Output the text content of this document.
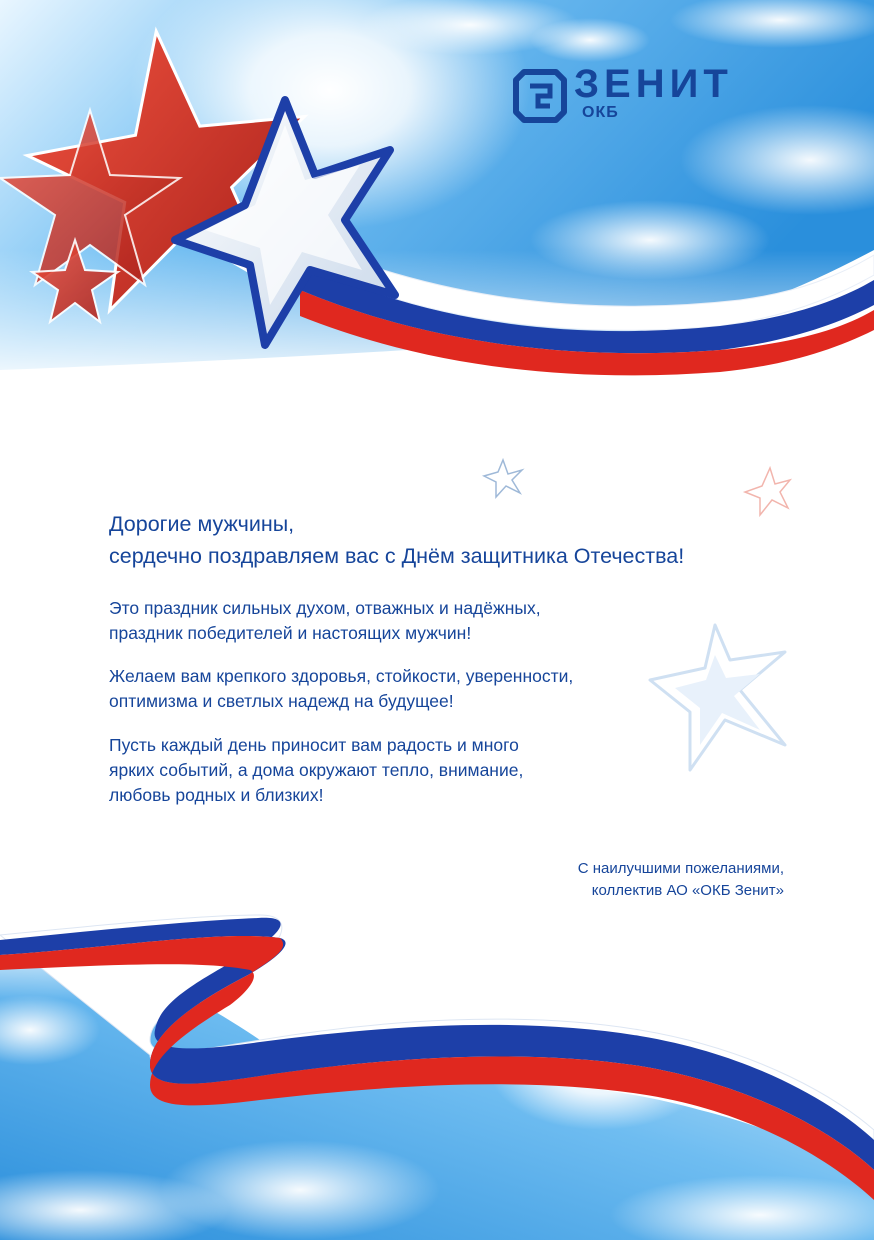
ЗЕНИТ
ОКБ
Дорогие мужчины,
сердечно поздравляем вас с Днём защитника Отечества!
Это праздник сильных духом, отважных и надёжных,
праздник победителей и настоящих мужчин!
Желаем вам крепкого здоровья, стойкости, уверенности,
оптимизма и светлых надежд на будущее!
Пусть каждый день приносит вам радость и много
ярких событий, а дома окружают тепло, внимание,
любовь родных и близких!
С наилучшими пожеланиями,
коллектив АО «ОКБ Зенит»
